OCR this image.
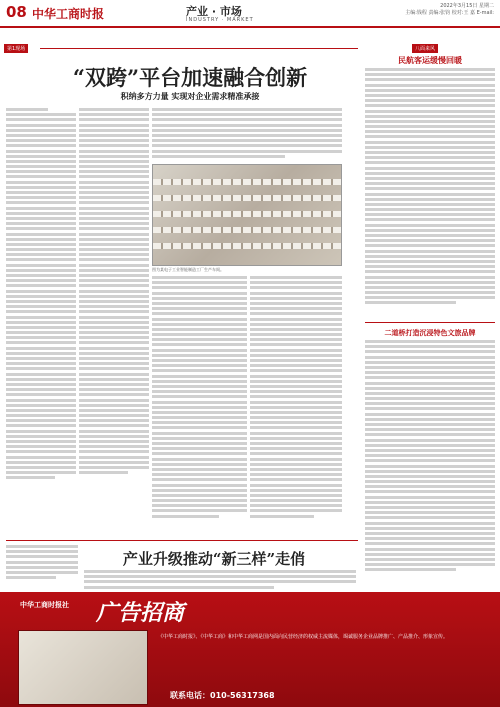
08 中华工商时报	产业 · 市场
INDUSTRY · MARKET
2022年3月15日 星期二
主编:钱程 责编:张钧 校对:王 嘉 E-mail:
第1现场
“双跨”平台加速融合创新
积纳多方力量 实现对企业需求精准承接
图为某电子工业智能制造工厂生产车间。
产业升级推动“新三样”走俏
八面来风
民航客运缓慢回暖
二道桥打造沉浸特色文旅品牌
中华工商时报社 广告招商
《中华工商时报》、《中华工商》和中华工商网是国内面向民营经济的权威主流媒体，竭诚服务企业品牌推广、产品推介、形象宣传。
联系电话：010-56317368
